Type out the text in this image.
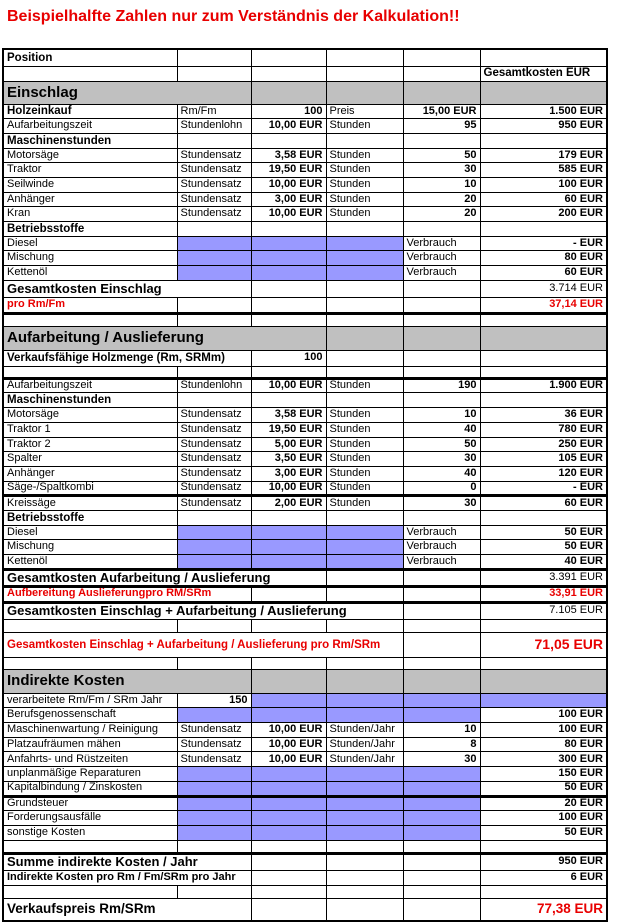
Beispielhalfte Zahlen nur zum Verständnis der Kalkulation!!
Position					
					Gesamtkosten EUR
Einschlag					
Holzeinkauf	Rm/Fm	100	Preis	15,00 EUR	1.500 EUR
Aufarbeitungszeit	Stundenlohn	10,00 EUR	Stunden	95	950 EUR
Maschinenstunden					
Motorsäge	Stundensatz	3,58 EUR	Stunden	50	179 EUR
Traktor	Stundensatz	19,50 EUR	Stunden	30	585 EUR
Seilwinde	Stundensatz	10,00 EUR	Stunden	10	100 EUR
Anhänger	Stundensatz	3,00 EUR	Stunden	20	60 EUR
Kran	Stundensatz	10,00 EUR	Stunden	20	200 EUR
Betriebsstoffe					
Diesel				Verbrauch	- EUR
Mischung				Verbrauch	80 EUR
Kettenöl				Verbrauch	60 EUR
Gesamtkosten Einschlag					3.714 EUR
pro Rm/Fm					37,14 EUR

Aufarbeitung / Auslieferung					
Verkaufsfähige Holzmenge (Rm, SRMm)		100			

Aufarbeitungszeit	Stundenlohn	10,00 EUR	Stunden	190	1.900 EUR
Maschinenstunden					
Motorsäge	Stundensatz	3,58 EUR	Stunden	10	36 EUR
Traktor 1	Stundensatz	19,50 EUR	Stunden	40	780 EUR
Traktor 2	Stundensatz	5,00 EUR	Stunden	50	250 EUR
Spalter	Stundensatz	3,50 EUR	Stunden	30	105 EUR
Anhänger	Stundensatz	3,00 EUR	Stunden	40	120 EUR
Säge-/Spaltkombi	Stundensatz	10,00 EUR	Stunden	0	- EUR
Kreissäge	Stundensatz	2,00 EUR	Stunden	30	60 EUR
Betriebsstoffe					
Diesel				Verbrauch	50 EUR
Mischung				Verbrauch	50 EUR
Kettenöl				Verbrauch	40 EUR
Gesamtkosten Aufarbeitung / Auslieferung					3.391 EUR
Aufbereitung Auslieferungpro RM/SRm					33,91 EUR
Gesamtkosten Einschlag + Aufarbeitung / Auslieferung					7.105 EUR

Gesamtkosten Einschlag + Aufarbeitung / Auslieferung pro Rm/SRm					71,05 EUR

Indirekte Kosten					
verarbeitete Rm/Fm / SRm Jahr	150				
Berufsgenossenschaft					100 EUR
Maschinenwartung / Reinigung	Stundensatz	10,00 EUR	Stunden/Jahr	10	100 EUR
Platzaufräumen mähen	Stundensatz	10,00 EUR	Stunden/Jahr	8	80 EUR
Anfahrts- und Rüstzeiten	Stundensatz	10,00 EUR	Stunden/Jahr	30	300 EUR
unplanmäßige Reparaturen					150 EUR
Kapitalbindung / Zinskosten					50 EUR
Grundsteuer					20 EUR
Forderungsausfälle					100 EUR
sonstige Kosten					50 EUR

Summe indirekte Kosten / Jahr					950 EUR
Indirekte Kosten pro Rm / Fm/SRm pro Jahr					6 EUR

Verkaufspreis Rm/SRm					77,38 EUR
